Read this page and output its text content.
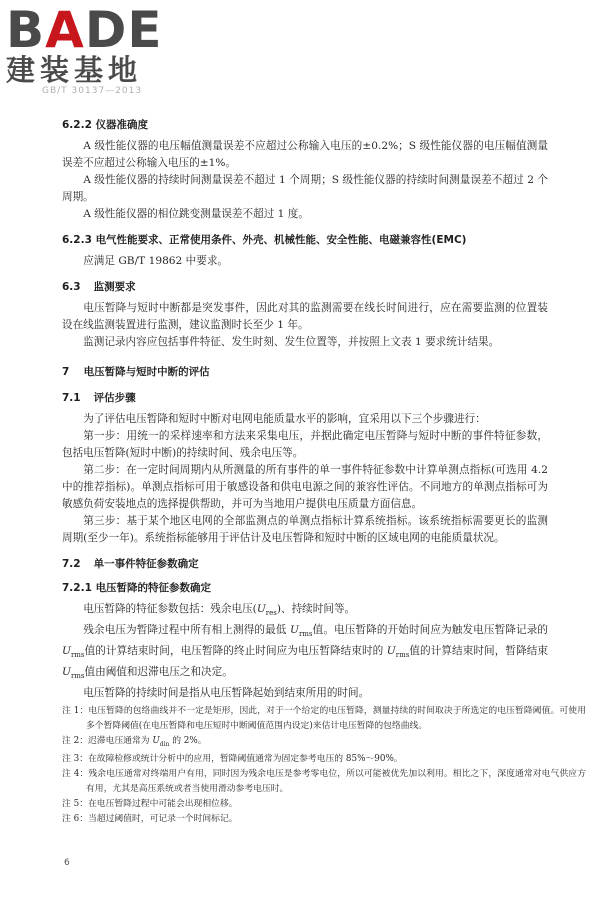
BADE
建装基地
GB/T 30137—2013

6.2.2 仪器准确度

A 级性能仪器的电压幅值测量误差不应超过公称输入电压的±0.2%；S 级性能仪器的电压幅值测量误差不应超过公称输入电压的±1%。

A 级性能仪器的持续时间测量误差不超过 1 个周期；S 级性能仪器的持续时间测量误差不超过 2 个周期。

A 级性能仪器的相位跳变测量误差不超过 1 度。

6.2.3 电气性能要求、正常使用条件、外壳、机械性能、安全性能、电磁兼容性(EMC)

应满足 GB/T 19862 中要求。

6.3 监测要求

电压暂降与短时中断都是突发事件，因此对其的监测需要在线长时间进行，应在需要监测的位置装设在线监测装置进行监测，建议监测时长至少 1 年。

监测记录内容应包括事件特征、发生时刻、发生位置等，并按照上文表 1 要求统计结果。

7 电压暂降与短时中断的评估

7.1 评估步骤

为了评估电压暂降和短时中断对电网电能质量水平的影响，宜采用以下三个步骤进行：

第一步：用统一的采样速率和方法来采集电压，并据此确定电压暂降与短时中断的事件特征参数，包括电压暂降(短时中断)的持续时间、残余电压等。

第二步：在一定时间周期内从所测量的所有事件的单一事件特征参数中计算单测点指标(可选用 4.2 中的推荐指标)。单测点指标可用于敏感设备和供电电源之间的兼容性评估。不同地方的单测点指标可为敏感负荷安装地点的选择提供帮助，并可为当地用户提供电压质量方面信息。

第三步：基于某个地区电网的全部监测点的单测点指标计算系统指标。该系统指标需要更长的监测周期(至少一年)。系统指标能够用于评估计及电压暂降和短时中断的区域电网的电能质量状况。

7.2 单一事件特征参数确定

7.2.1 电压暂降的特征参数确定

电压暂降的特征参数包括：残余电压$(U_{res})$、持续时间等。

残余电压为暂降过程中所有相上测得的最低 $U_{rms}$值。电压暂降的开始时间应为触发电压暂降记录的 $U_{rms}$值的计算结束时间，电压暂降的终止时间应为电压暂降结束时的 $U_{rms}$值的计算结束时间，暂降结束 $U_{rms}$值由阈值和迟滞电压之和决定。

电压暂降的持续时间是指从电压暂降起始到结束所用的时间。

注 1：电压暂降的包络曲线并不一定是矩形，因此，对于一个给定的电压暂降，测量持续的时间取决于所选定的电压暂降阈值。可使用多个暂降阈值(在电压暂降和电压短时中断阈值范围内设定)来估计电压暂降的包络曲线。

注 2：迟滞电压通常为 $U_{din}$ 的 2%。

注 3：在故障检修或统计分析中的应用，暂降阈值通常为固定参考电压的 85%～90%。

注 4：残余电压通常对终端用户有用，同时因为残余电压是参考零电位，所以可能被优先加以利用。相比之下，深度通常对电气供应方有用，尤其是高压系统或者当使用滑动参考电压时。

注 5：在电压暂降过程中可能会出现相位移。

注 6：当超过阈值时，可记录一个时间标记。

6
